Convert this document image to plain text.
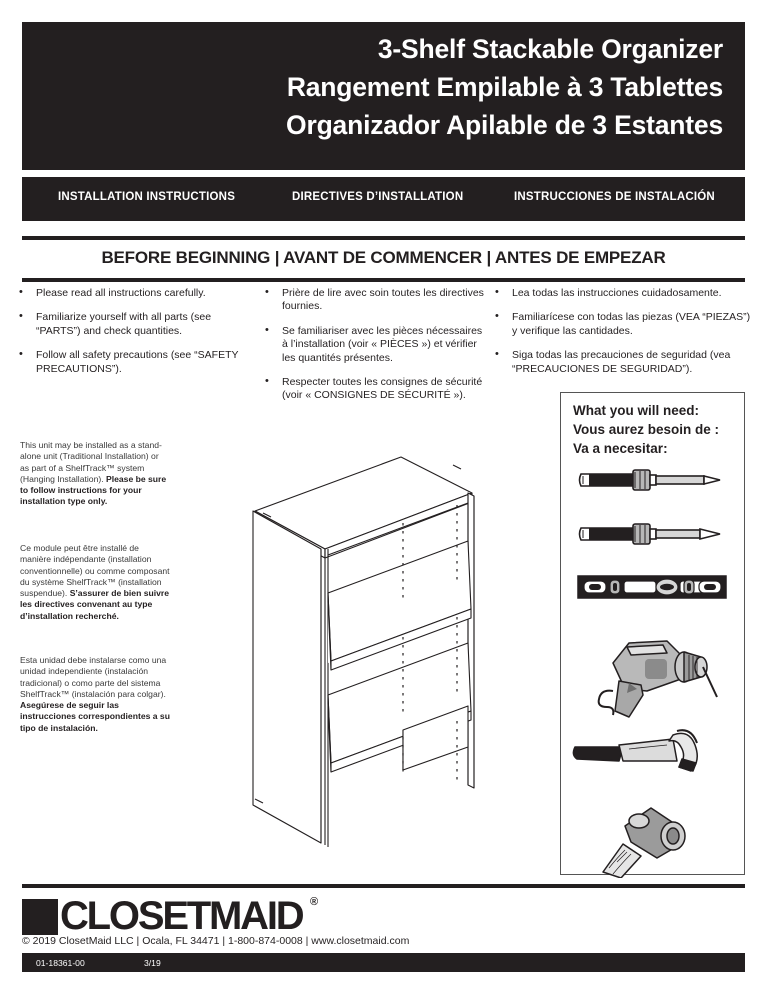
3-Shelf Stackable Organizer
Rangement Empilable à 3 Tablettes
Organizador Apilable de 3 Estantes
INSTALLATION INSTRUCTIONS	DIRECTIVES D’INSTALLATION	INSTRUCCIONES DE INSTALACIÓN
BEFORE BEGINNING | AVANT DE COMMENCER | ANTES DE EMPEZAR
• Please read all instructions carefully.
• Familiarize yourself with all parts (see “PARTS”) and check quantities.
• Follow all safety precautions (see “SAFETY PRECAUTIONS”).
• Prière de lire avec soin toutes les directives fournies.
• Se familiariser avec les pièces nécessaires à l’installation (voir « PIÈCES ») et vérifier les quantités présentes.
• Respecter toutes les consignes de sécurité (voir « CONSIGNES DE SÉCURITÉ »).
• Lea todas las instrucciones cuidadosamente.
• Familiarícese con todas las piezas (VEA “PIEZAS”) y verifique las cantidades.
• Siga todas las precauciones de seguridad (vea “PRECAUCIONES DE SEGURIDAD”).
This unit may be installed as a stand-alone unit (Traditional Installation) or as part of a ShelfTrack™ system (Hanging Installation). Please be sure to follow instructions for your installation type only.
Ce module peut être installé de manière indépendante (installation conventionnelle) ou comme composant du système ShelfTrack™ (installation suspendue). S’assurer de bien suivre les directives convenant au type d’installation recherché.
Esta unidad debe instalarse como una unidad independiente (instalación tradicional) o como parte del sistema ShelfTrack™ (instalación para colgar). Asegúrese de seguir las instrucciones correspondientes a su tipo de instalación.
What you will need:
Vous aurez besoin de :
Va a necesitar:
CLOSETMAID ®
© 2019 ClosetMaid LLC | Ocala, FL 34471 | 1-800-874-0008 | www.closetmaid.com
01-18361-00	3/19
